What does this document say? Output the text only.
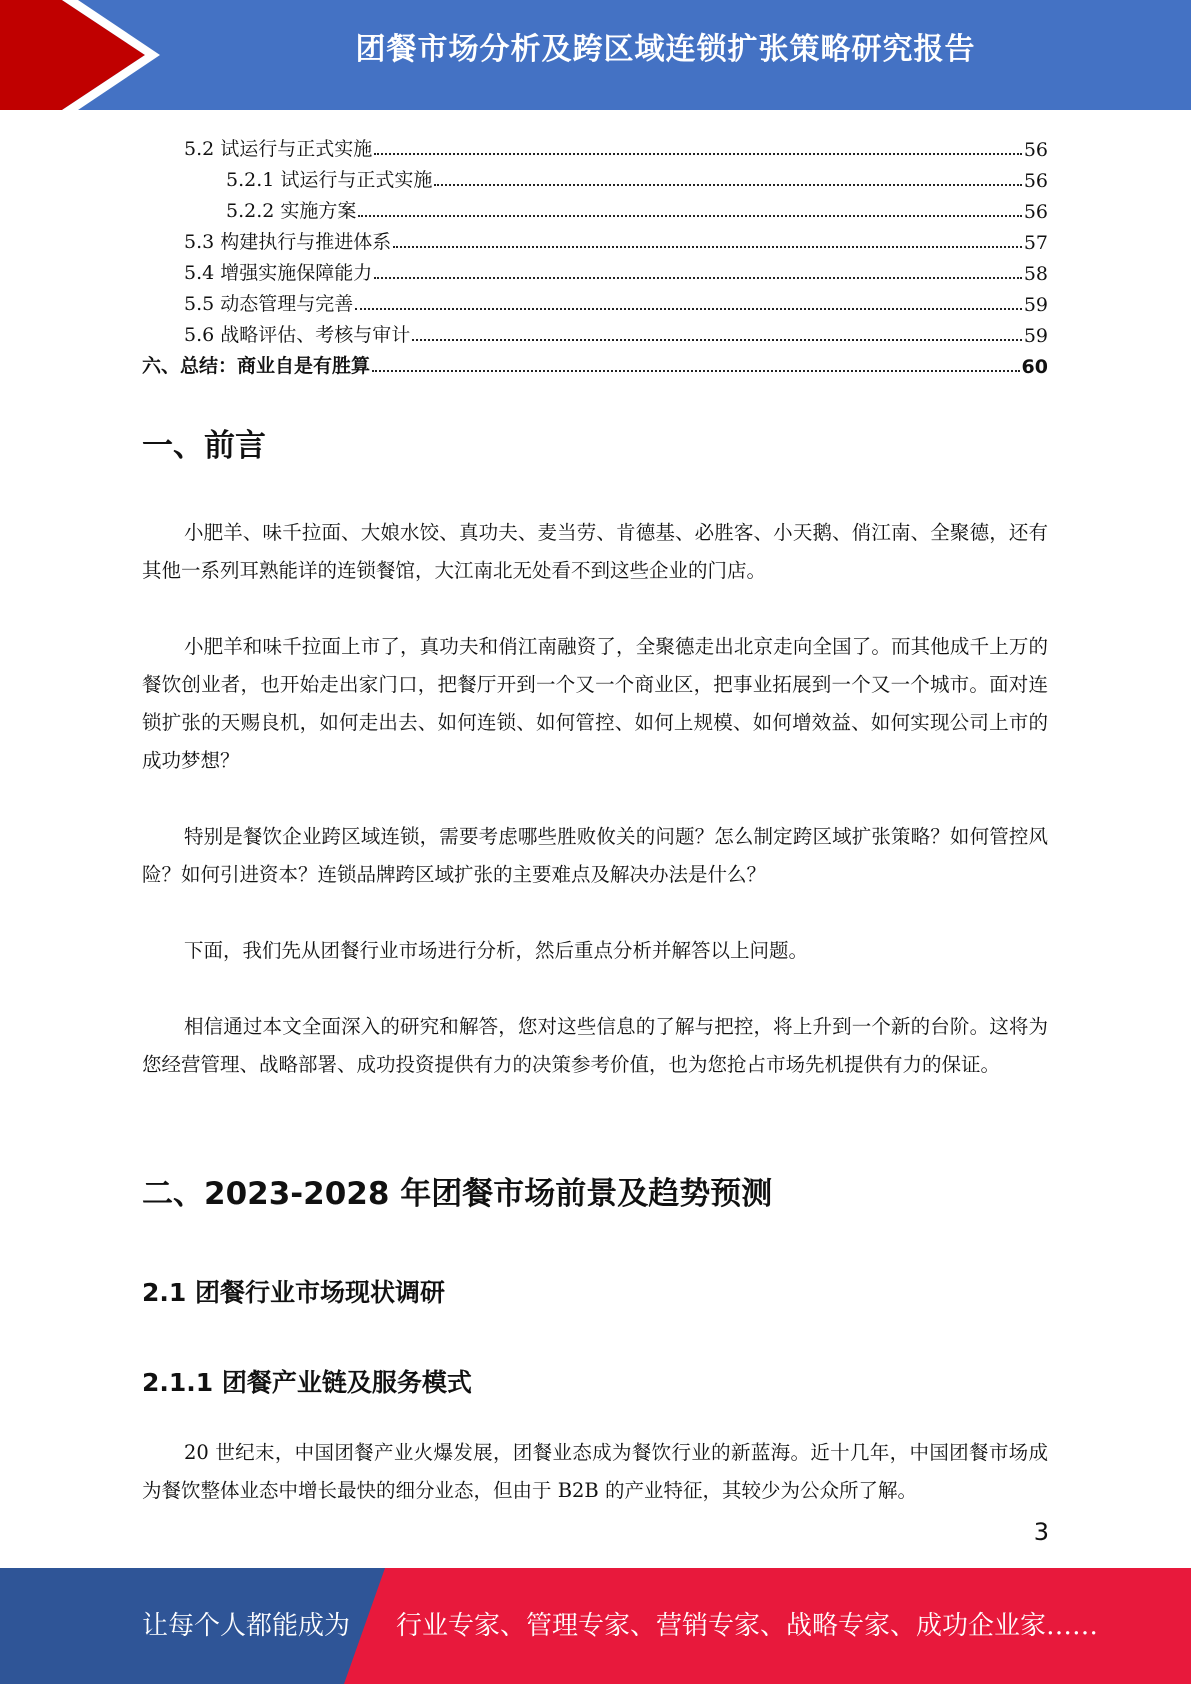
团餐市场分析及跨区域连锁扩张策略研究报告
5.2 试运行与正式实施	56
5.2.1 试运行与正式实施	56
5.2.2 实施方案	56
5.3 构建执行与推进体系	57
5.4 增强实施保障能力	58
5.5 动态管理与完善	59
5.6 战略评估、考核与审计	59
六、总结：商业自是有胜算	60
一、前言
小肥羊、味千拉面、大娘水饺、真功夫、麦当劳、肯德基、必胜客、小天鹅、俏江南、全聚德，还有其他一系列耳熟能详的连锁餐馆，大江南北无处看不到这些企业的门店。
小肥羊和味千拉面上市了，真功夫和俏江南融资了，全聚德走出北京走向全国了。而其他成千上万的餐饮创业者，也开始走出家门口，把餐厅开到一个又一个商业区，把事业拓展到一个又一个城市。面对连锁扩张的天赐良机，如何走出去、如何连锁、如何管控、如何上规模、如何增效益、如何实现公司上市的成功梦想？
特别是餐饮企业跨区域连锁，需要考虑哪些胜败攸关的问题？怎么制定跨区域扩张策略？如何管控风险？如何引进资本？连锁品牌跨区域扩张的主要难点及解决办法是什么？
下面，我们先从团餐行业市场进行分析，然后重点分析并解答以上问题。
相信通过本文全面深入的研究和解答，您对这些信息的了解与把控，将上升到一个新的台阶。这将为您经营管理、战略部署、成功投资提供有力的决策参考价值，也为您抢占市场先机提供有力的保证。
二、2023-2028 年团餐市场前景及趋势预测
2.1 团餐行业市场现状调研
2.1.1 团餐产业链及服务模式
20 世纪末，中国团餐产业火爆发展，团餐业态成为餐饮行业的新蓝海。近十几年，中国团餐市场成为餐饮整体业态中增长最快的细分业态，但由于 B2B 的产业特征，其较少为公众所了解。
3
让每个人都能成为 行业专家、管理专家、营销专家、战略专家、成功企业家……
